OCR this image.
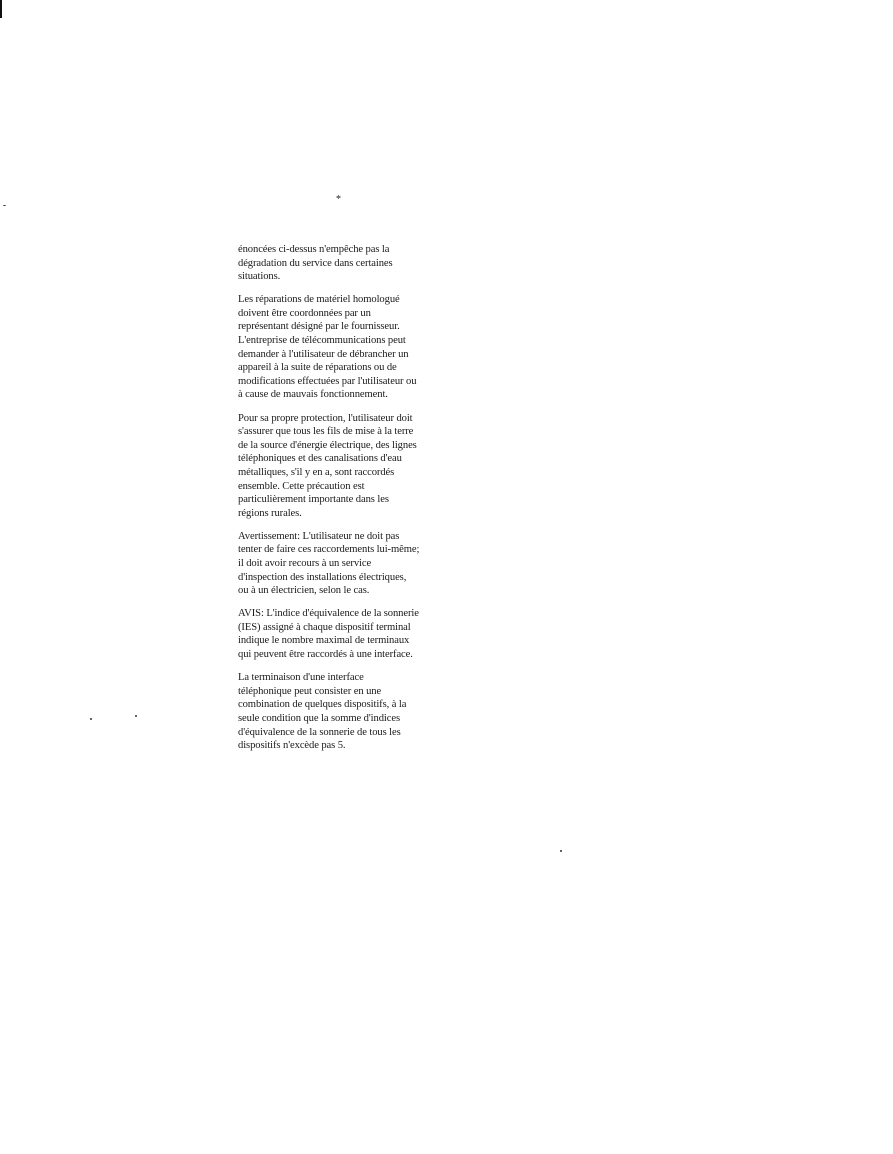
*

énoncées ci-dessus n'empêche pas la
dégradation du service dans certaines
situations.

Les réparations de matériel homologué
doivent être coordonnées par un
représentant désigné par le fournisseur.
L'entreprise de télécommunications peut
demander à l'utilisateur de débrancher un
appareil à la suite de réparations ou de
modifications effectuées par l'utilisateur ou
à cause de mauvais fonctionnement.

Pour sa propre protection, l'utilisateur doit
s'assurer que tous les fils de mise à la terre
de la source d'énergie électrique, des lignes
téléphoniques et des canalisations d'eau
métalliques, s'il y en a, sont raccordés
ensemble. Cette précaution est
particulièrement importante dans les
régions rurales.

Avertissement: L'utilisateur ne doit pas
tenter de faire ces raccordements lui-même;
il doit avoir recours à un service
d'inspection des installations électriques,
ou à un électricien, selon le cas.

AVIS: L'indice d'équivalence de la sonnerie
(IES) assigné à chaque dispositif terminal
indique le nombre maximal de terminaux
qui peuvent être raccordés à une interface.

La terminaison d'une interface
téléphonique peut consister en une
combination de quelques dispositifs, à la
seule condition que la somme d'indices
d'équivalence de la sonnerie de tous les
dispositifs n'excède pas 5.
